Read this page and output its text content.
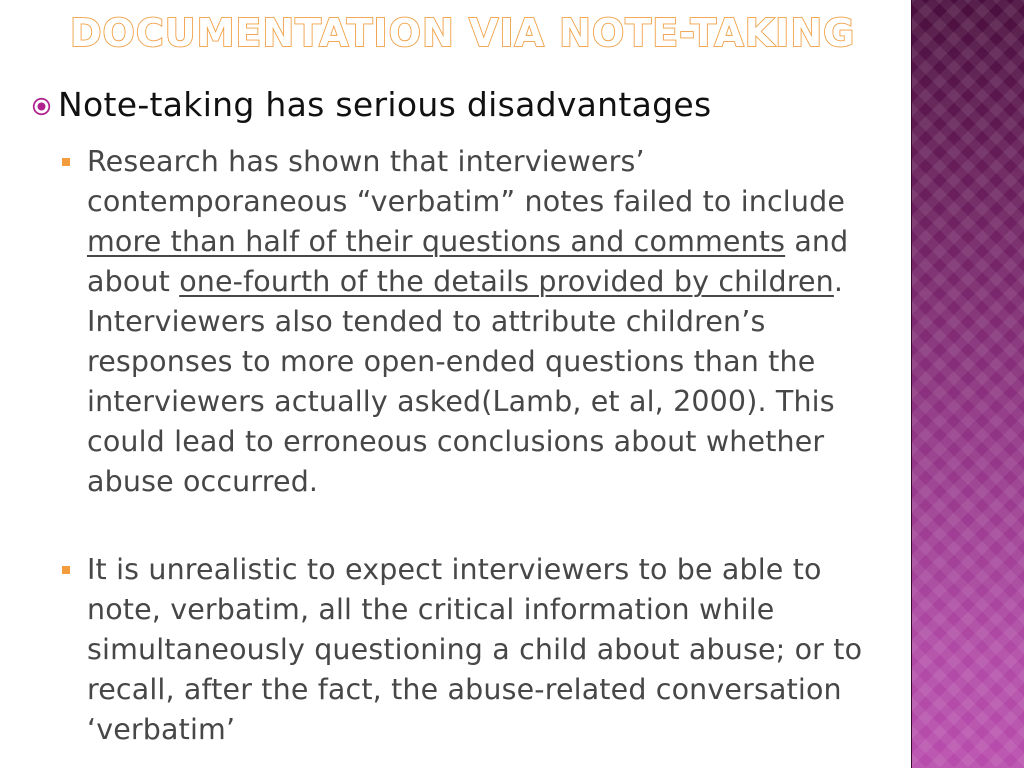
DOCUMENTATION VIA NOTE-TAKING
Note-taking has serious disadvantages
Research has shown that interviewers’ contemporaneous “verbatim” notes failed to include more than half of their questions and comments and about one-fourth of the details provided by children. Interviewers also tended to attribute children’s responses to more open-ended questions than the interviewers actually asked(Lamb, et al, 2000). This could lead to erroneous conclusions about whether abuse occurred.
It is unrealistic to expect interviewers to be able to note, verbatim, all the critical information while simultaneously questioning a child about abuse; or to recall, after the fact, the abuse-related conversation ‘verbatim’
